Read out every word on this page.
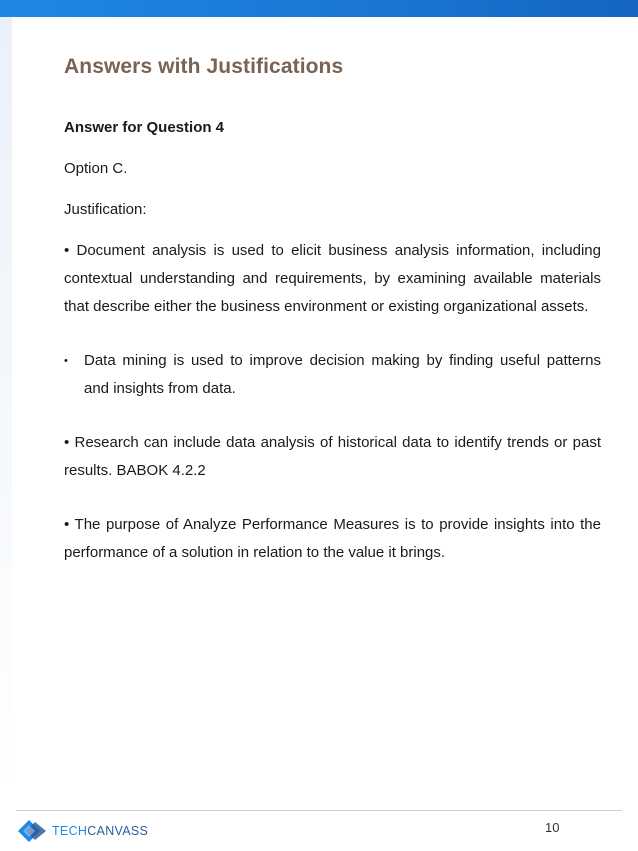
Answers with Justifications

Answer for Question 4

Option C.

Justification:

• Document analysis is used to elicit business analysis information, including contextual understanding and requirements, by examining available materials that describe either the business environment or existing organizational assets.

•	Data mining is used to improve decision making by finding useful patterns and insights from data.

• Research can include data analysis of historical data to identify trends or past results. BABOK 4.2.2

• The purpose of Analyze Performance Measures is to provide insights into the performance of a solution in relation to the value it brings.

TECHCANVASS	10
